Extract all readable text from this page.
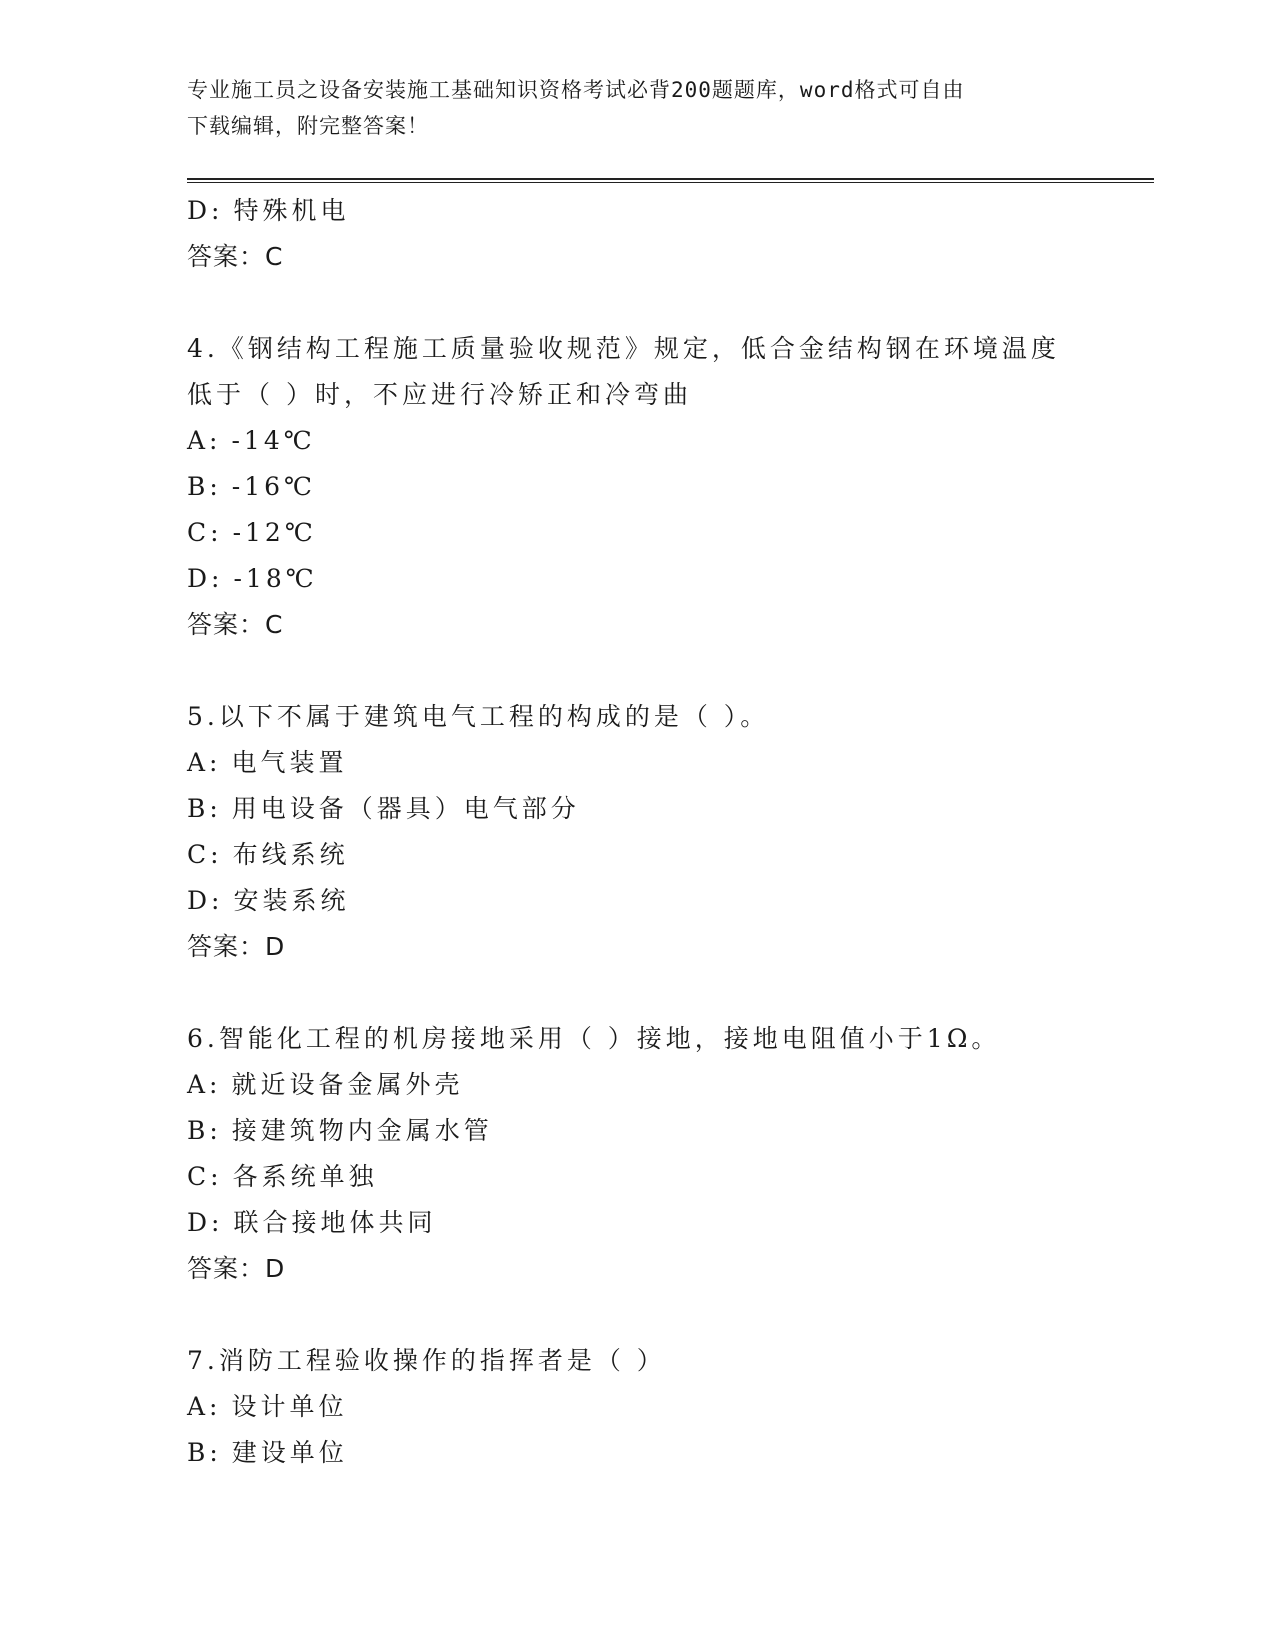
专业施工员之设备安装施工基础知识资格考试必背200题题库，word格式可自由
下载编辑，附完整答案！
D: 特殊机电
答案：C
4.《钢结构工程施工质量验收规范》规定，低合金结构钢在环境温度
低于（ ）时，不应进行冷矫正和冷弯曲
A: -14℃
B: -16℃
C: -12℃
D: -18℃
答案：C
5.以下不属于建筑电气工程的构成的是（ ）。
A: 电气装置
B: 用电设备（器具）电气部分
C: 布线系统
D: 安装系统
答案：D
6.智能化工程的机房接地采用（ ）接地，接地电阻值小于1Ω。
A: 就近设备金属外壳
B: 接建筑物内金属水管
C: 各系统单独
D: 联合接地体共同
答案：D
7.消防工程验收操作的指挥者是（ ）
A: 设计单位
B: 建设单位
